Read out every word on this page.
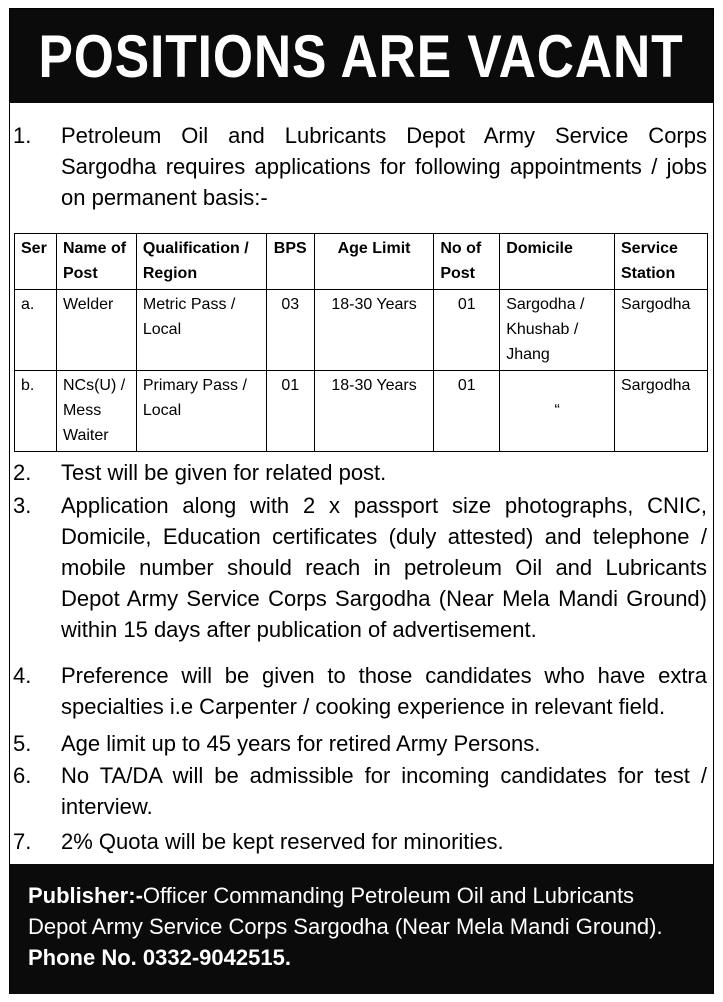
POSITIONS ARE VACANT
1.	Petroleum Oil and Lubricants Depot Army Service Corps Sargodha requires applications for following appointments / jobs on permanent basis:-
Ser	Name of Post	Qualification / Region	BPS	Age Limit	No of Post	Domicile	Service Station
a.	Welder	Metric Pass / Local	03	18-30 Years	01	Sargodha / Khushab / Jhang	Sargodha
b.	NCs(U) / Mess Waiter	Primary Pass / Local	01	18-30 Years	01	“	Sargodha
2.	Test will be given for related post.
3.	Application along with 2 x passport size photographs, CNIC, Domicile, Education certificates (duly attested) and telephone / mobile number should reach in petroleum Oil and Lubricants Depot Army Service Corps Sargodha (Near Mela Mandi Ground) within 15 days after publication of advertisement.
4.	Preference will be given to those candidates who have extra specialties i.e Carpenter / cooking experience in relevant field.
5.	Age limit up to 45 years for retired Army Persons.
6.	No TA/DA will be admissible for incoming candidates for test / interview.
7.	2% Quota will be kept reserved for minorities.
Publisher:-Officer Commanding Petroleum Oil and Lubricants
Depot Army Service Corps Sargodha (Near Mela Mandi Ground).
Phone No. 0332-9042515.
